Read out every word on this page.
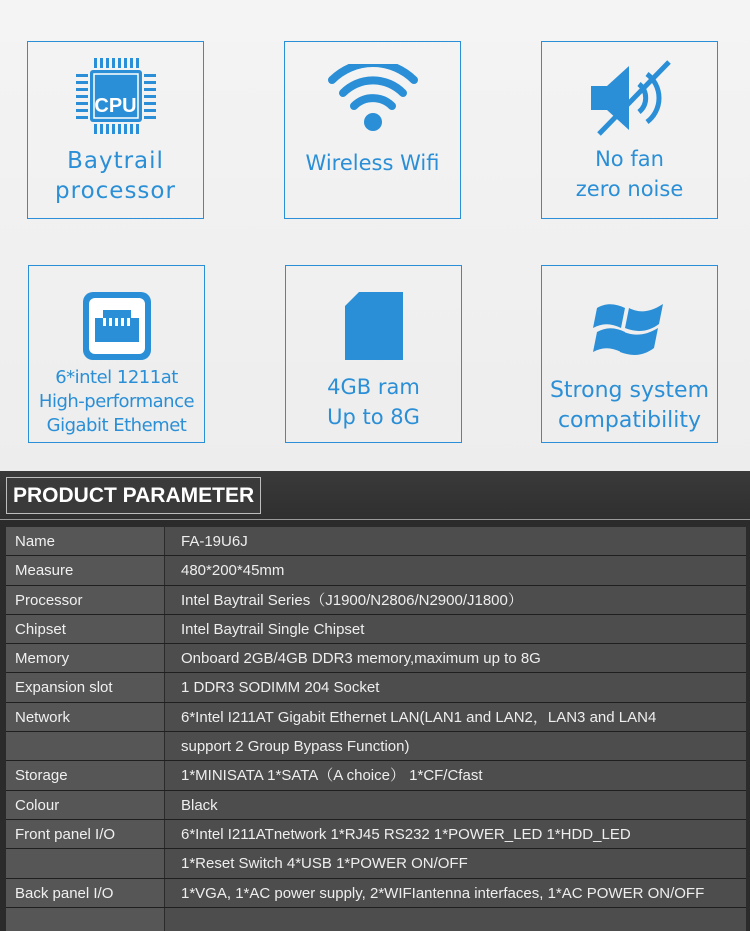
CPU
Baytrail
processor
Wireless Wifi	No fan
zero noise
6*intel 1211at
High-performance
Gigabit Ethemet
4GB ram
Up to 8G
Strong system
compatibility
PRODUCT PARAMETER
Name	FA-19U6J
Measure	480*200*45mm
Processor	Intel Baytrail Series（J1900/N2806/N2900/J1800）
Chipset	Intel Baytrail Single Chipset
Memory	Onboard 2GB/4GB DDR3 memory,maximum up to 8G
Expansion slot	1 DDR3 SODIMM 204 Socket
Network	6*Intel I211AT Gigabit Ethernet LAN(LAN1 and LAN2，LAN3 and LAN4
support 2 Group Bypass Function)
Storage	1*MINISATA 1*SATA（A choice） 1*CF/Cfast
Colour	Black
Front panel I/O	6*Intel I211ATnetwork 1*RJ45 RS232 1*POWER_LED 1*HDD_LED
1*Reset Switch 4*USB 1*POWER ON/OFF
Back panel I/O	1*VGA, 1*AC power supply, 2*WIFIantenna interfaces, 1*AC POWER ON/OFF
